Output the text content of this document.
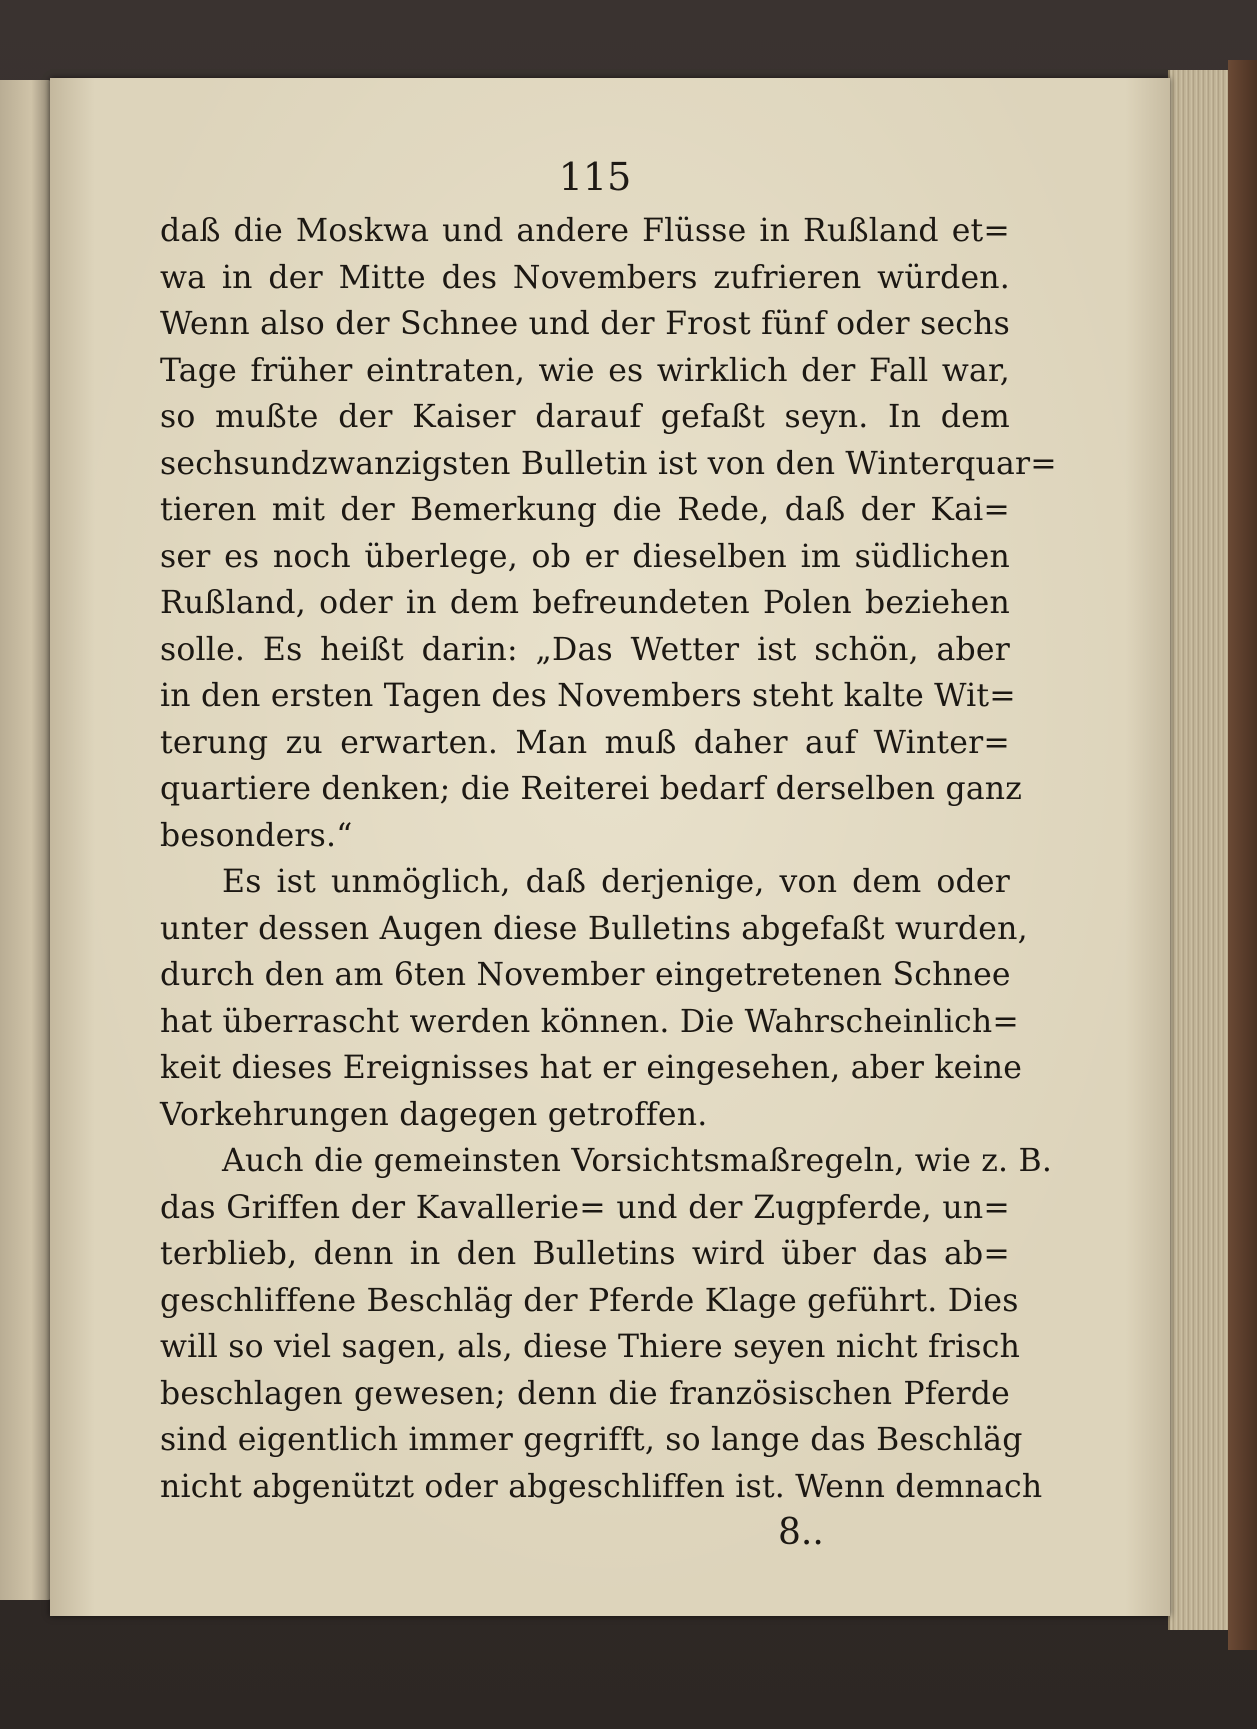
115
daß die Moskwa und andere Flüsse in Rußland et=
wa in der Mitte des Novembers zufrieren würden.
Wenn also der Schnee und der Frost fünf oder sechs
Tage früher eintraten, wie es wirklich der Fall war,
so mußte der Kaiser darauf gefaßt seyn. In dem
sechsundzwanzigsten Bulletin ist von den Winterquar=
tieren mit der Bemerkung die Rede, daß der Kai=
ser es noch überlege, ob er dieselben im südlichen
Rußland, oder in dem befreundeten Polen beziehen
solle. Es heißt darin: „Das Wetter ist schön, aber
in den ersten Tagen des Novembers steht kalte Wit=
terung zu erwarten. Man muß daher auf Winter=
quartiere denken; die Reiterei bedarf derselben ganz
besonders.“
Es ist unmöglich, daß derjenige, von dem oder
unter dessen Augen diese Bulletins abgefaßt wurden,
durch den am 6ten November eingetretenen Schnee
hat überrascht werden können. Die Wahrscheinlich=
keit dieses Ereignisses hat er eingesehen, aber keine
Vorkehrungen dagegen getroffen.
Auch die gemeinsten Vorsichtsmaßregeln, wie z. B.
das Griffen der Kavallerie= und der Zugpferde, un=
terblieb, denn in den Bulletins wird über das ab=
geschliffene Beschläg der Pferde Klage geführt. Dies
will so viel sagen, als, diese Thiere seyen nicht frisch
beschlagen gewesen; denn die französischen Pferde
sind eigentlich immer gegrifft, so lange das Beschläg
nicht abgenützt oder abgeschliffen ist. Wenn demnach
8..
